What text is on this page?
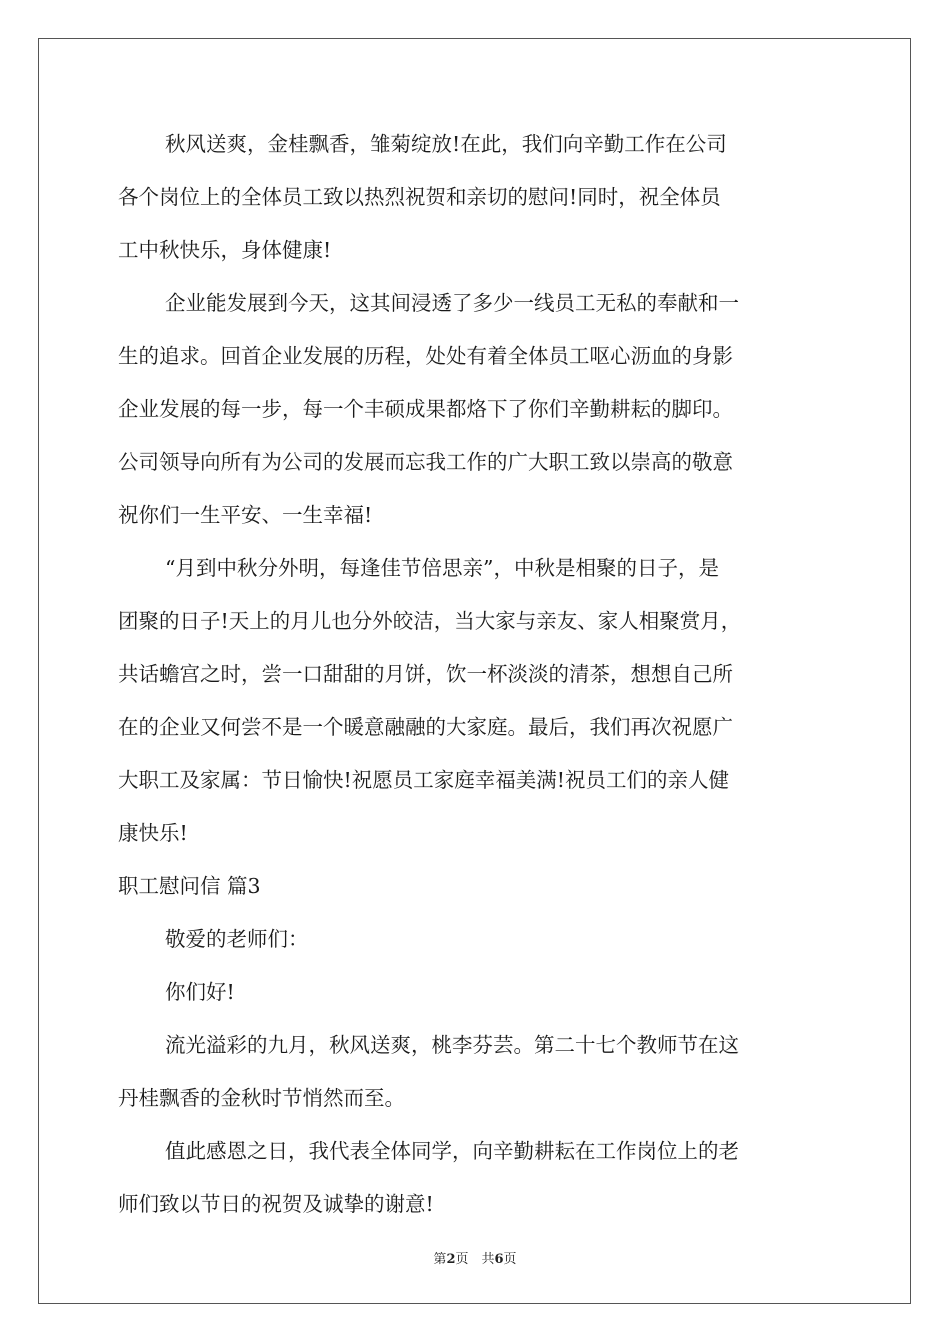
秋风送爽，金桂飘香，雏菊绽放!在此，我们向辛勤工作在公司
各个岗位上的全体员工致以热烈祝贺和亲切的慰问!同时，祝全体员
工中秋快乐，身体健康!
企业能发展到今天，这其间浸透了多少一线员工无私的奉献和一
生的追求。回首企业发展的历程，处处有着全体员工呕心沥血的身影
企业发展的每一步，每一个丰硕成果都烙下了你们辛勤耕耘的脚印。
公司领导向所有为公司的发展而忘我工作的广大职工致以崇高的敬意
祝你们一生平安、一生幸福!
“月到中秋分外明，每逢佳节倍思亲”，中秋是相聚的日子，是
团聚的日子!天上的月儿也分外皎洁，当大家与亲友、家人相聚赏月，
共话蟾宫之时，尝一口甜甜的月饼，饮一杯淡淡的清茶，想想自己所
在的企业又何尝不是一个暖意融融的大家庭。最后，我们再次祝愿广
大职工及家属：节日愉快!祝愿员工家庭幸福美满!祝员工们的亲人健
康快乐!
职工慰问信 篇3
敬爱的老师们：
你们好!
流光溢彩的九月，秋风送爽，桃李芬芸。第二十七个教师节在这
丹桂飘香的金秋时节悄然而至。
值此感恩之日，我代表全体同学，向辛勤耕耘在工作岗位上的老
师们致以节日的祝贺及诚挚的谢意!
第2页　共6页
